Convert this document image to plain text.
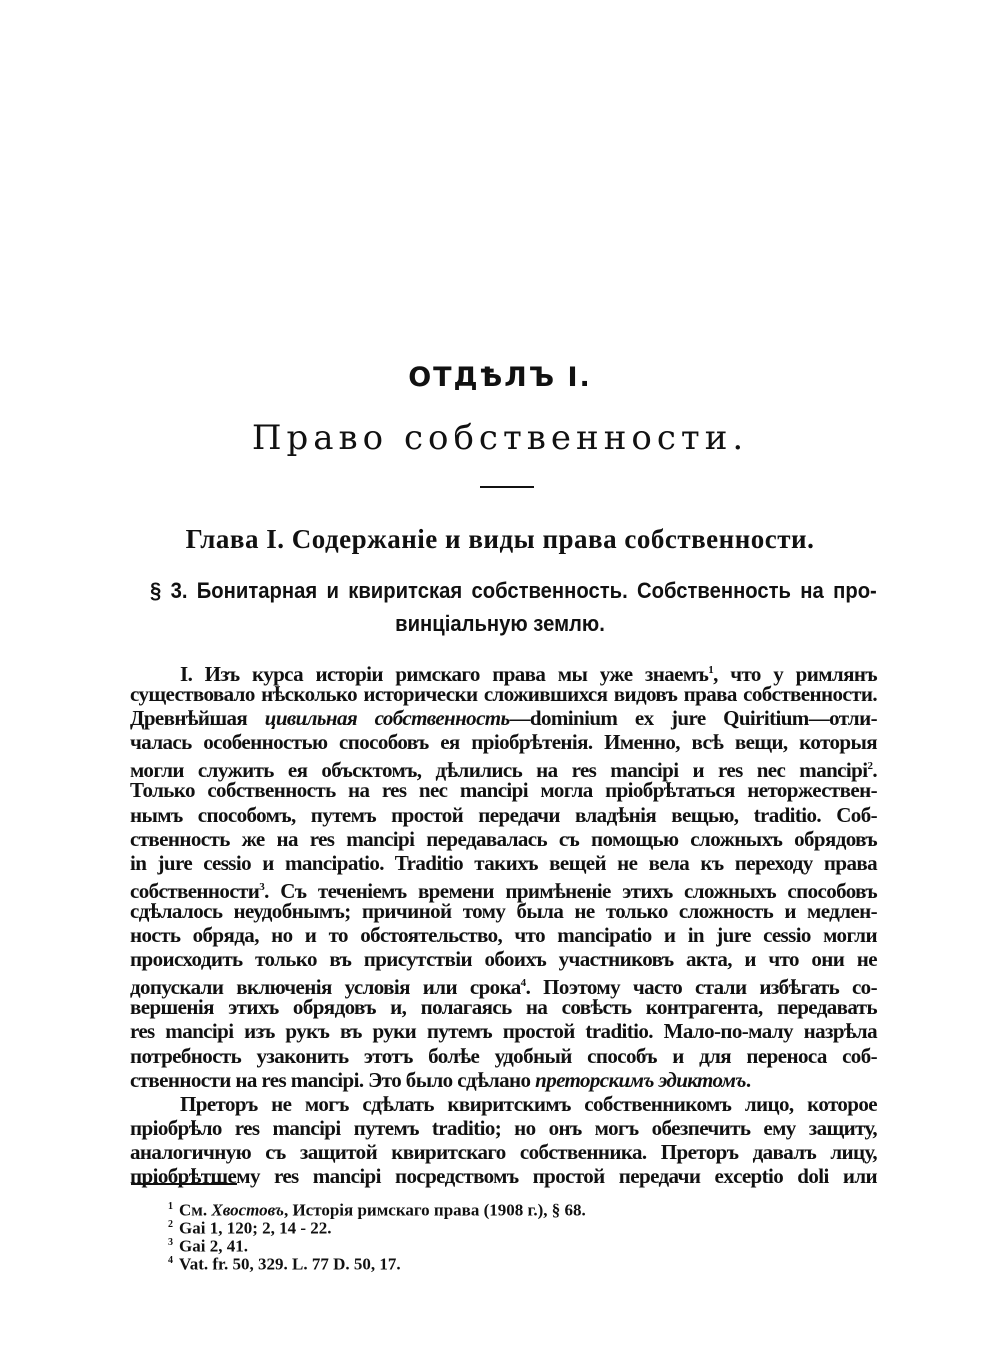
ОТДѢЛЪ I.
Право собственности.
Глава I. Содержаніе и виды права собственности.
§ 3. Бонитарная и квиритская собственность. Собственность на про-
винціальную землю.
I. Изъ курса исторіи римскаго права мы уже знаемъ$^1$, что у римлянъ
существовало нѣсколько исторически сложившихся видовъ права собственности.
Древнѣйшая цивильная собственность—dominium ex jure Quiritium—отли-
чалась особенностью способовъ ея пріобрѣтенія. Именно, всѣ вещи, которыя
могли служить ея объсктомъ, дѣлились на res mancipi и res nec mancipi$^2$.
Только собственность на res nec mancipi могла пріобрѣтаться неторжествен-
нымъ способомъ, путемъ простой передачи владѣнія вещью, traditio. Соб-
ственность же на res mancipi передавалась съ помощью сложныхъ обрядовъ
in jure cessio и mancipatio. Traditio такихъ вещей не вела къ переходу права
собственности$^3$. Съ теченіемъ времени примѣненіе этихъ сложныхъ способовъ
сдѣлалось неудобнымъ; причиной тому была не только сложность и медлен-
ность обряда, но и то обстоятельство, что mancipatio и in jure cessio могли
происходить только въ присутствіи обоихъ участниковъ акта, и что они не
допускали включенія условія или срока$^4$. Поэтому часто стали избѣгать со-
вершенія этихъ обрядовъ и, полагаясь на совѣсть контрагента, передавать
res mancipi изъ рукъ въ руки путемъ простой traditio. Мало-по-малу назрѣла
потребность узаконить этотъ болѣе удобный способъ и для переноса соб-
ственности на res mancipi. Это было сдѣлано преторскимъ эдиктомъ.
Преторъ не могъ сдѣлать квиритскимъ собственникомъ лицо, которое
пріобрѣло res mancipi путемъ traditio; но онъ могъ обезпечить ему защиту,
аналогичную съ защитой квиритскаго собственника. Преторъ давалъ лицу,
пріобрѣтшему res mancipi посредствомъ простой передачи exceptio doli или
$^1$ См. Хвостовъ, Исторія римскаго права (1908 г.), § 68.
$^2$ Gai 1, 120; 2, 14 - 22.
$^3$ Gai 2, 41.
$^4$ Vat. fr. 50, 329. L. 77 D. 50, 17.
